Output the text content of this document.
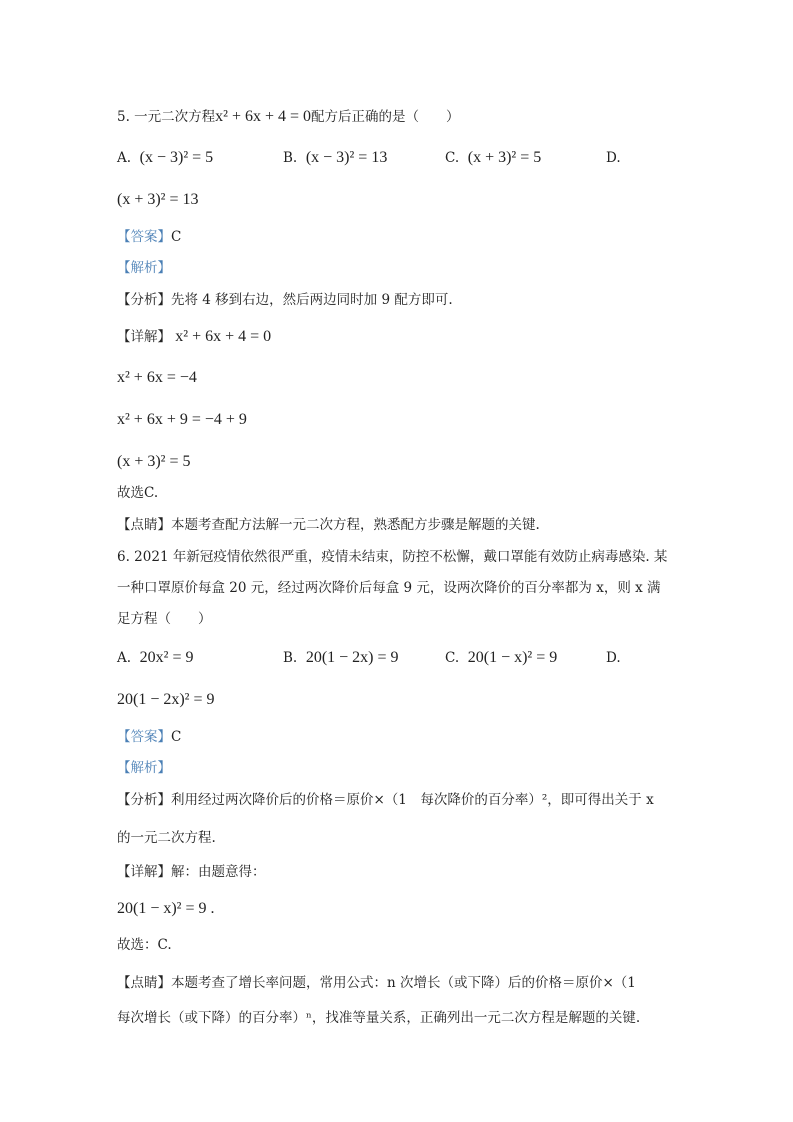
5. 一元二次方程x² + 6x + 4 = 0配方后正确的是（　　）
A. (x − 3)² = 5	B. (x − 3)² = 13	C. (x + 3)² = 5	D.
(x + 3)² = 13
【答案】C
【解析】
【分析】先将 4 移到右边，然后两边同时加 9 配方即可.
【详解】 x² + 6x + 4 = 0
x² + 6x = −4
x² + 6x + 9 = −4 + 9
(x + 3)² = 5
故选C.
【点睛】本题考查配方法解一元二次方程，熟悉配方步骤是解题的关键.
6. 2021 年新冠疫情依然很严重，疫情未结束，防控不松懈，戴口罩能有效防止病毒感染. 某
一种口罩原价每盒 20 元，经过两次降价后每盒 9 元，设两次降价的百分率都为 x，则 x 满
足方程（　　）
A. 20x² = 9	B. 20(1 − 2x) = 9	C. 20(1 − x)² = 9	D.
20(1 − 2x)² = 9
【答案】C
【解析】
【分析】利用经过两次降价后的价格＝原价×（1　每次降价的百分率）²，即可得出关于 x
的一元二次方程.
【详解】解：由题意得：
20(1 − x)² = 9 .
故选：C.
【点睛】本题考查了增长率问题，常用公式：n 次增长（或下降）后的价格＝原价×（1
每次增长（或下降）的百分率）ⁿ，找准等量关系，正确列出一元二次方程是解题的关键.
